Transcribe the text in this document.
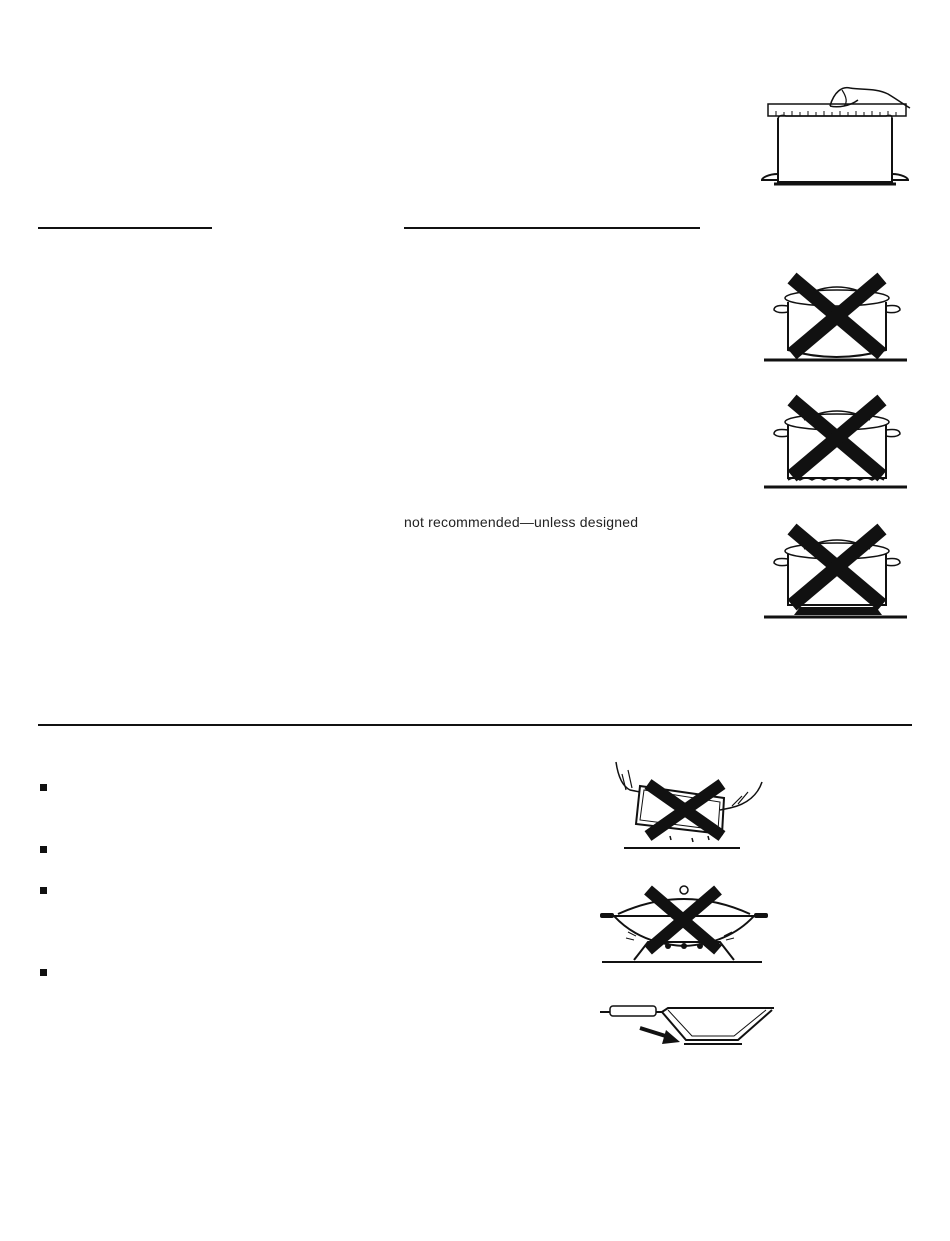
not recommended—unless designed
